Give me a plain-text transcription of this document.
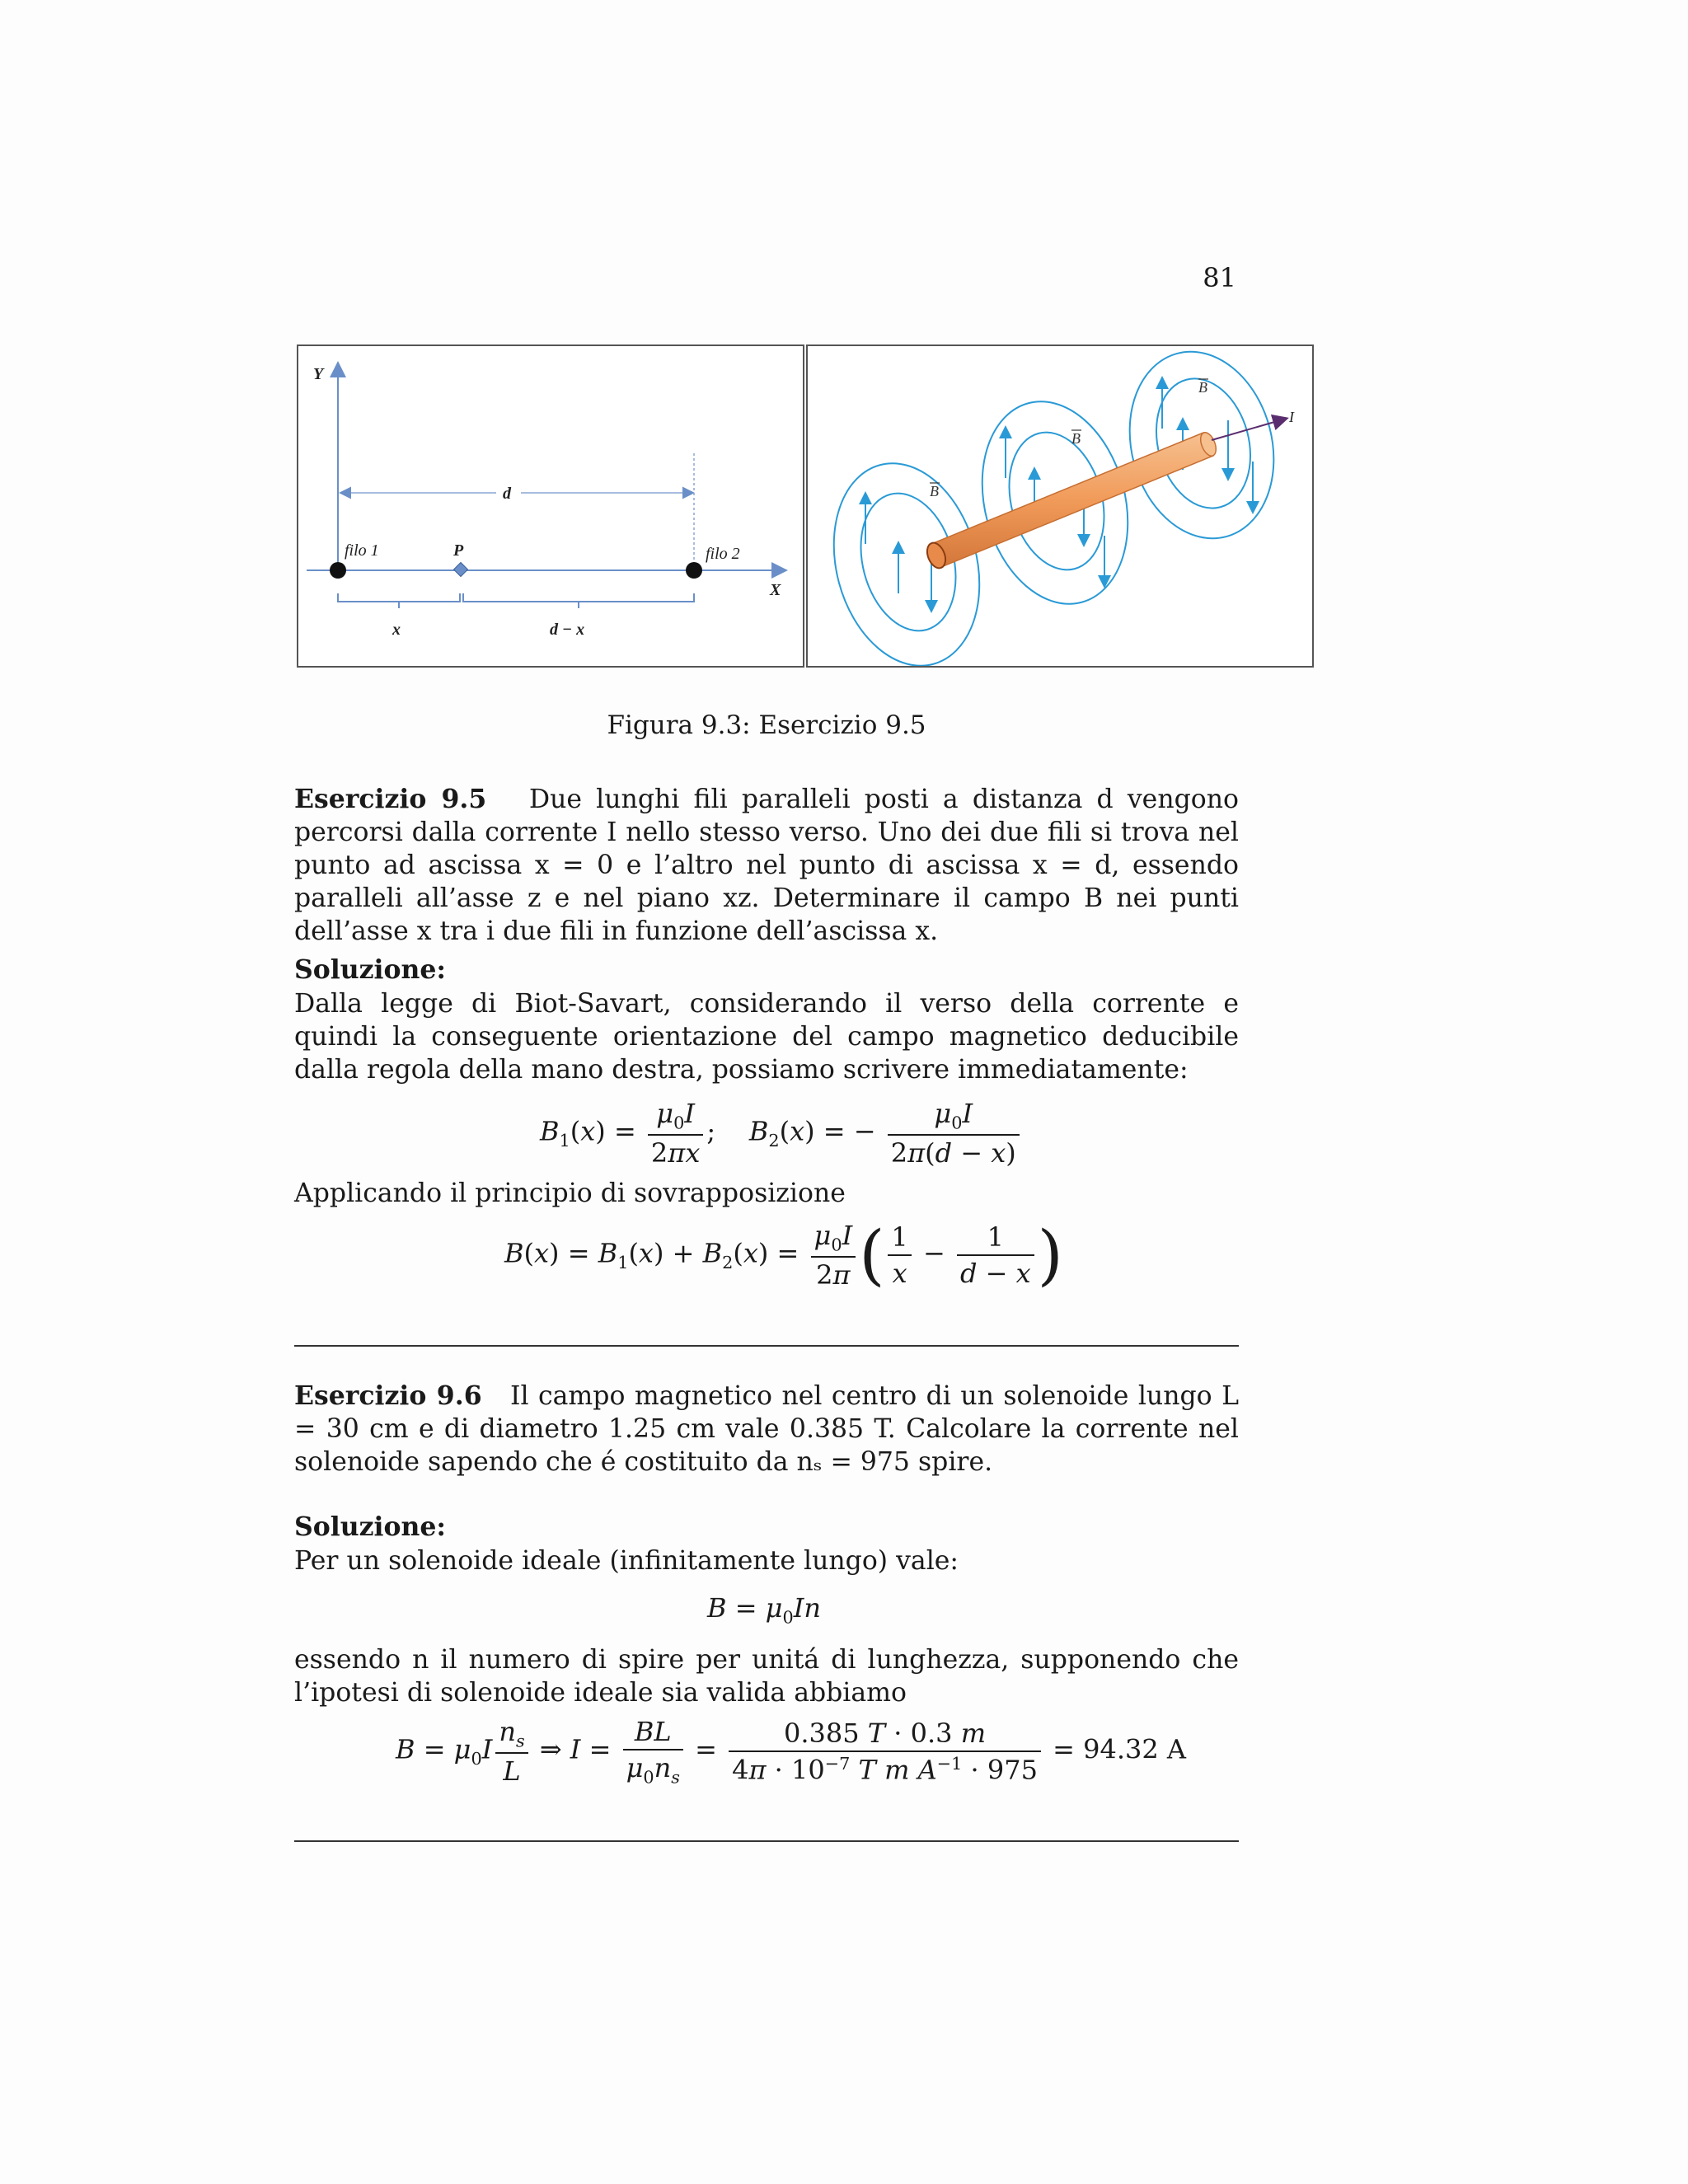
81
Y
X
d
filo 1	filo 2
P
x	d − x
I
B
B
B
Figura 9.3: Esercizio 9.5
Esercizio 9.5 Due lunghi fili paralleli posti a distanza d vengono percorsi dalla corrente I nello stesso verso. Uno dei due fili si trova nel punto ad ascissa x = 0 e l’altro nel punto di ascissa x = d, essendo paralleli all’asse z e nel piano xz. Determinare il campo B nei punti dell’asse x tra i due fili in funzione dell’ascissa x.
Soluzione:
Dalla legge di Biot-Savart, considerando il verso della corrente e quindi la conseguente orientazione del campo magnetico deducibile dalla regola della mano destra, possiamo scrivere immediatamente:
$B_1(x) = \frac{\mu_0I}{2\pi x}$ ;    $B_2(x)$ = − $\frac{\mu_0I}{2\pi(d - x)}$
Applicando il principio di sovrapposizione
$B(x) = B_1(x) + B_2(x) = \frac{\mu_0I}{2\pi}$ ( $\frac{1}{x} - \frac{1}{d - x}$ )
Esercizio 9.6 Il campo magnetico nel centro di un solenoide lungo L = 30 cm e di diametro 1.25 cm vale 0.385 T. Calcolare la corrente nel solenoide sapendo che é costituito da nₛ = 975 spire.
Soluzione:
Per un solenoide ideale (infinitamente lungo) vale:
$B = \mu_0In$
essendo n il numero di spire per unitá di lunghezza, supponendo che l’ipotesi di solenoide ideale sia valida abbiamo
$B = \mu_0I \frac{n_s}{L}$ ⇒ $I = \frac{BL}{\mu_0n_s} = \frac{0.385 T \cdot 0.3 m}{4\pi \cdot 10^{-7} T m A^{-1} \cdot 975} = 94.32$ A
